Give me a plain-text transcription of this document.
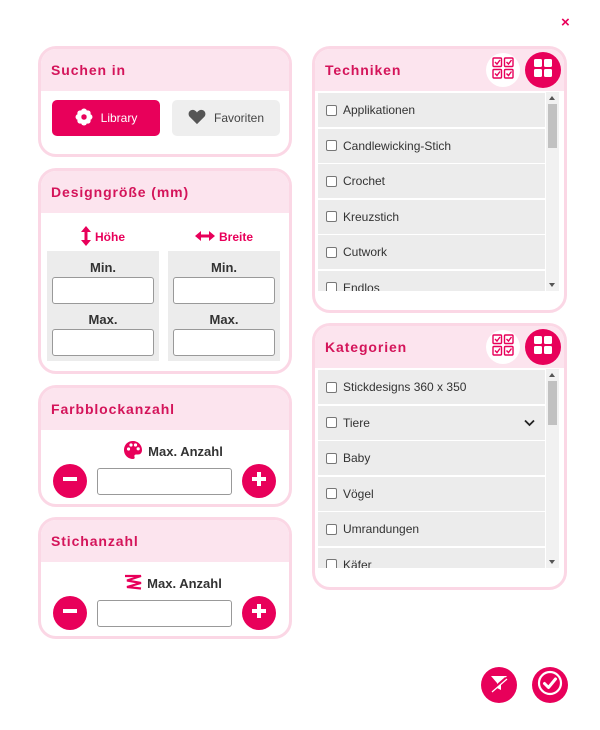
×
Suchen in
Library	Favoriten
Designgröße (mm)
Höhe
Min.
Max.
Breite
Min.
Max.
Farbblockanzahl
Max. Anzahl
Stichanzahl
Max. Anzahl
Techniken
Applikationen
Candlewicking-Stich
Crochet
Kreuzstich
Cutwork
Endlos
Kategorien
Stickdesigns 360 x 350
Tiere
Baby
Vögel
Umrandungen
Käfer
